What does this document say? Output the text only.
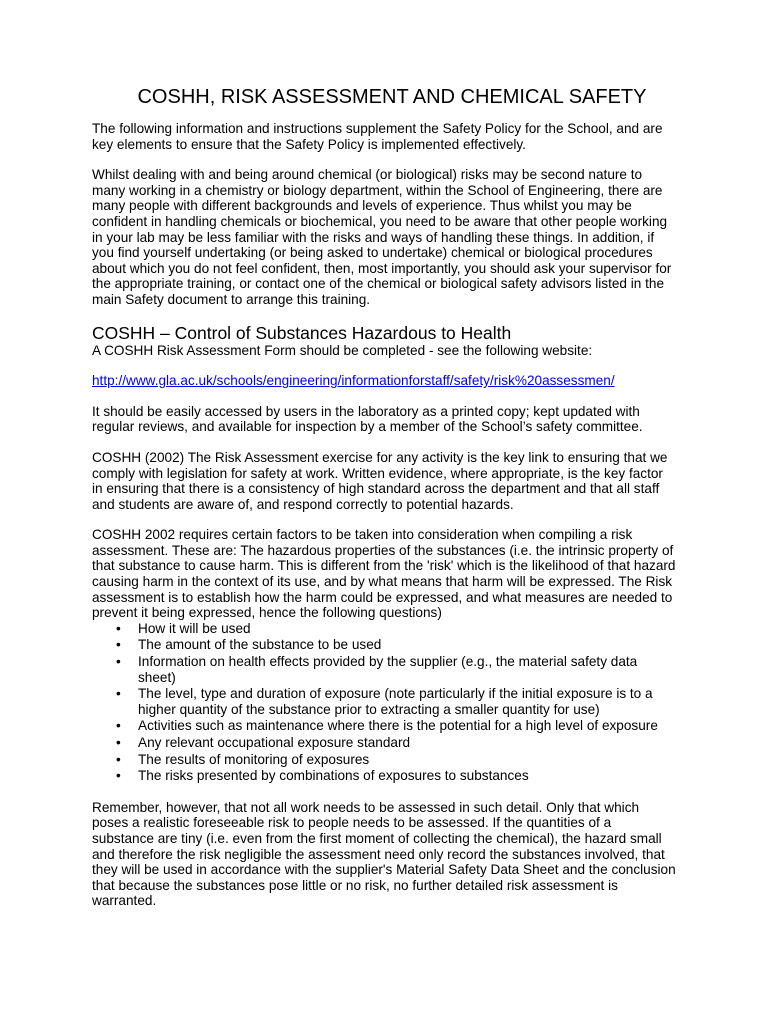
COSHH, RISK ASSESSMENT AND CHEMICAL SAFETY

The following information and instructions supplement the Safety Policy for the School, and are key elements to ensure that the Safety Policy is implemented effectively.

Whilst dealing with and being around chemical (or biological) risks may be second nature to many working in a chemistry or biology department, within the School of Engineering, there are many people with different backgrounds and levels of experience. Thus whilst you may be confident in handling chemicals or biochemical, you need to be aware that other people working in your lab may be less familiar with the risks and ways of handling these things. In addition, if you find yourself undertaking (or being asked to undertake) chemical or biological procedures about which you do not feel confident, then, most importantly, you should ask your supervisor for the appropriate training, or contact one of the chemical or biological safety advisors listed in the main Safety document to arrange this training.

COSHH – Control of Substances Hazardous to Health

A COSHH Risk Assessment Form should be completed - see the following website:

http://www.gla.ac.uk/schools/engineering/informationforstaff/safety/risk%20assessmen/

It should be easily accessed by users in the laboratory as a printed copy; kept updated with regular reviews, and available for inspection by a member of the School’s safety committee.

COSHH (2002) The Risk Assessment exercise for any activity is the key link to ensuring that we comply with legislation for safety at work. Written evidence, where appropriate, is the key factor in ensuring that there is a consistency of high standard across the department and that all staff and students are aware of, and respond correctly to potential hazards.

COSHH 2002 requires certain factors to be taken into consideration when compiling a risk assessment. These are: The hazardous properties of the substances (i.e. the intrinsic property of that substance to cause harm. This is different from the 'risk' which is the likelihood of that hazard causing harm in the context of its use, and by what means that harm will be expressed. The Risk assessment is to establish how the harm could be expressed, and what measures are needed to prevent it being expressed, hence the following questions)

• How it will be used
• The amount of the substance to be used
• Information on health effects provided by the supplier (e.g., the material safety data sheet)
• The level, type and duration of exposure (note particularly if the initial exposure is to a higher quantity of the substance prior to extracting a smaller quantity for use)
• Activities such as maintenance where there is the potential for a high level of exposure
• Any relevant occupational exposure standard
• The results of monitoring of exposures
• The risks presented by combinations of exposures to substances

Remember, however, that not all work needs to be assessed in such detail. Only that which poses a realistic foreseeable risk to people needs to be assessed. If the quantities of a substance are tiny (i.e. even from the first moment of collecting the chemical), the hazard small and therefore the risk negligible the assessment need only record the substances involved, that they will be used in accordance with the supplier's Material Safety Data Sheet and the conclusion that because the substances pose little or no risk, no further detailed risk assessment is warranted.
